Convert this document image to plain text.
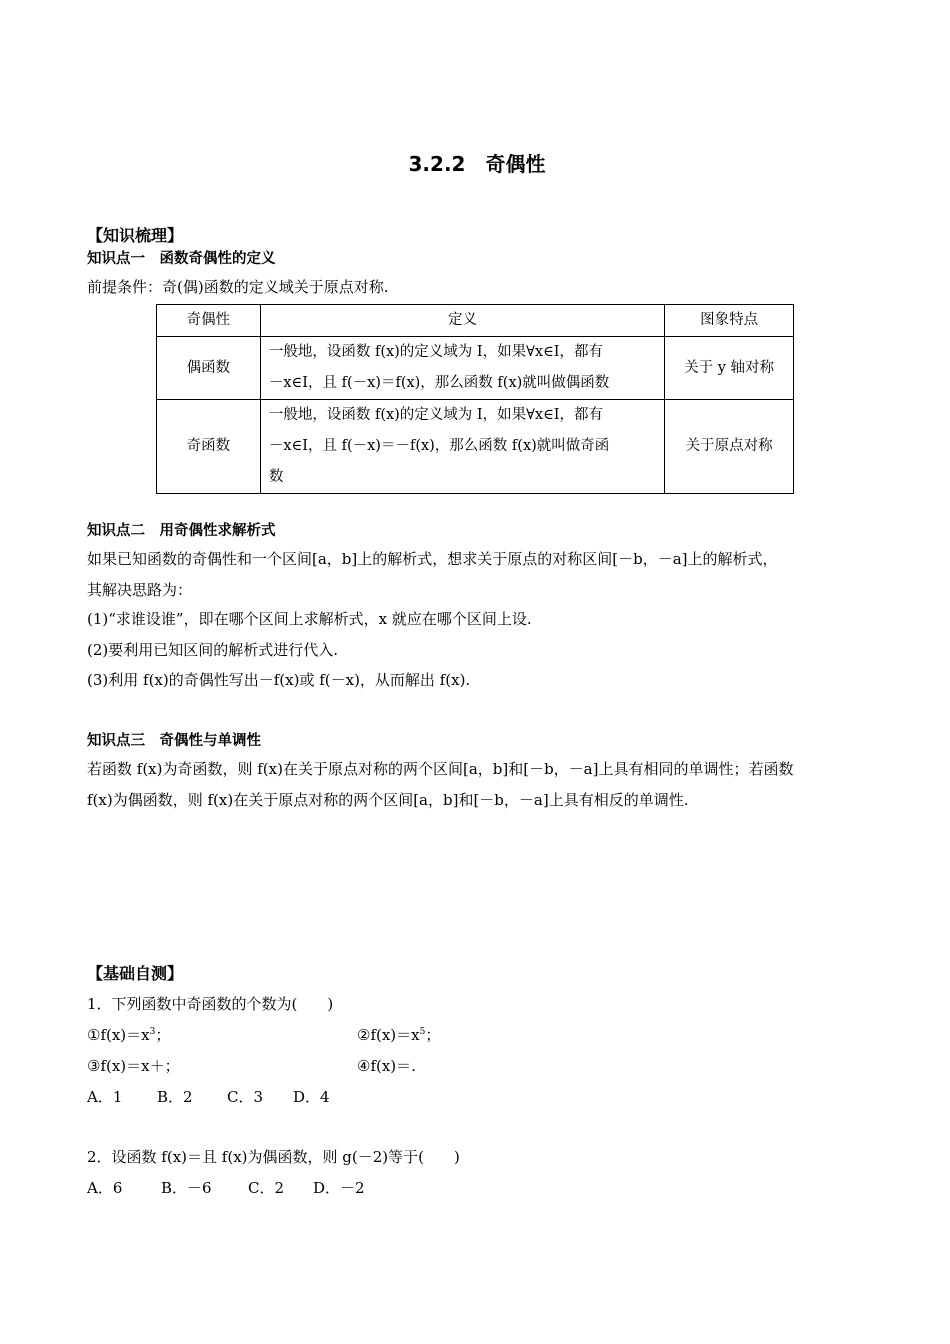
3.2.2　奇偶性
【知识梳理】
知识点一　函数奇偶性的定义
前提条件：奇(偶)函数的定义域关于原点对称.
奇偶性	定义	图象特点
偶函数	一般地，设函数 f(x)的定义域为 I，如果∀x∈I，都有
－x∈I，且 f(－x)＝f(x)，那么函数 f(x)就叫做偶函数	关于 y 轴对称
奇函数	一般地，设函数 f(x)的定义域为 I，如果∀x∈I，都有
－x∈I，且 f(－x)＝－f(x)，那么函数 f(x)就叫做奇函
数	关于原点对称
知识点二　用奇偶性求解析式
如果已知函数的奇偶性和一个区间[a，b]上的解析式，想求关于原点的对称区间[－b，－a]上的解析式，
其解决思路为：
(1)“求谁设谁”，即在哪个区间上求解析式，x 就应在哪个区间上设.
(2)要利用已知区间的解析式进行代入.
(3)利用 f(x)的奇偶性写出－f(x)或 f(－x)，从而解出 f(x).
知识点三　奇偶性与单调性
若函数 f(x)为奇函数，则 f(x)在关于原点对称的两个区间[a，b]和[－b，－a]上具有相同的单调性；若函数
f(x)为偶函数，则 f(x)在关于原点对称的两个区间[a，b]和[－b，－a]上具有相反的单调性.
【基础自测】
1．下列函数中奇函数的个数为(　　)
$①f(x)=x^3$；	$②f(x)=x^5$；
③f(x)＝x＋；	④f(x)＝.
A．1 B．2 C．3 D．4
2．设函数 f(x)＝且 f(x)为偶函数，则 g(－2)等于(　　)
A．6	B．－6 C．2 D．－2
